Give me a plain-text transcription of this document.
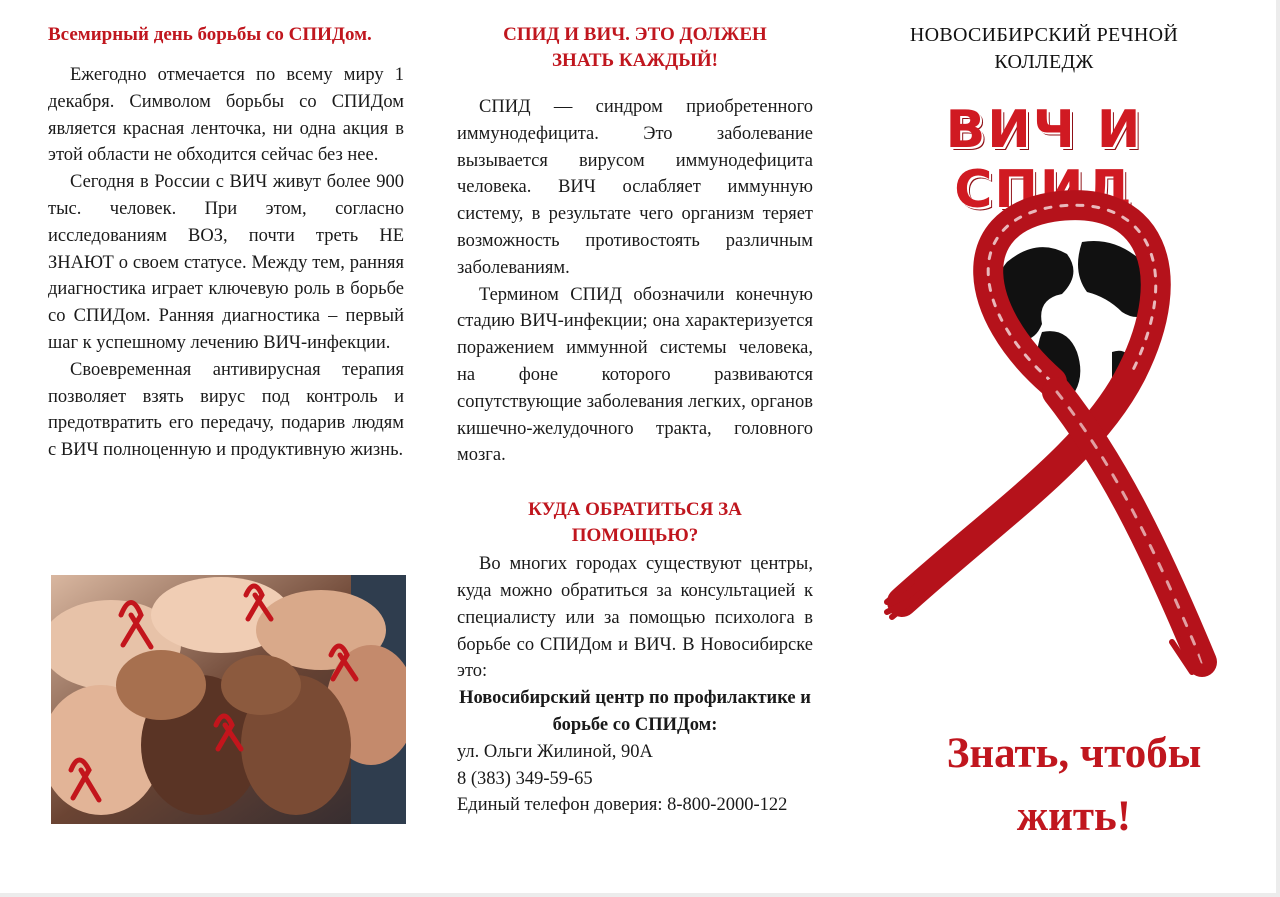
Всемирный день борьбы со СПИДом.

Ежегодно отмечается по всему миру 1 декабря. Символом борьбы со СПИДом является красная ленточка, ни одна акция в этой области не обходится сейчас без нее.

Сегодня в России с ВИЧ живут более 900 тыс. человек. При этом, согласно исследованиям ВОЗ, почти треть НЕ ЗНАЮТ о своем статусе. Между тем, ранняя диагностика играет ключевую роль в борьбе со СПИДом. Ранняя диагностика – первый шаг к успешному лечению ВИЧ-инфекции.

Своевременная антивирусная терапия позволяет взять вирус под контроль и предотвратить его передачу, подарив людям с ВИЧ полноценную и продуктивную жизнь.

СПИД И ВИЧ. ЭТО ДОЛЖЕН ЗНАТЬ КАЖДЫЙ!

СПИД — синдром приобретенного иммунодефицита. Это заболевание вызывается вирусом иммунодефицита человека. ВИЧ ослабляет иммунную систему, в результате чего организм теряет возможность противостоять различным заболеваниям.

Термином СПИД обозначили конечную стадию ВИЧ-инфекции; она характеризуется поражением иммунной системы человека, на фоне которого развиваются сопутствующие заболевания легких, органов кишечно-желудочного тракта, головного мозга.

КУДА ОБРАТИТЬСЯ ЗА ПОМОЩЬЮ?

Во многих городах существуют центры, куда можно обратиться за консультацией к специалисту или за помощью психолога в борьбе со СПИДом и ВИЧ. В Новосибирске это:

Новосибирский центр по профилактике и борьбе со СПИДом:
ул. Ольги Жилиной, 90А
8 (383) 349-59-65
Единый телефон доверия: 8-800-2000-122
НОВОСИБИРСКИЙ РЕЧНОЙ КОЛЛЕДЖ
ВИЧ И СПИД
Знать, чтобы жить!
